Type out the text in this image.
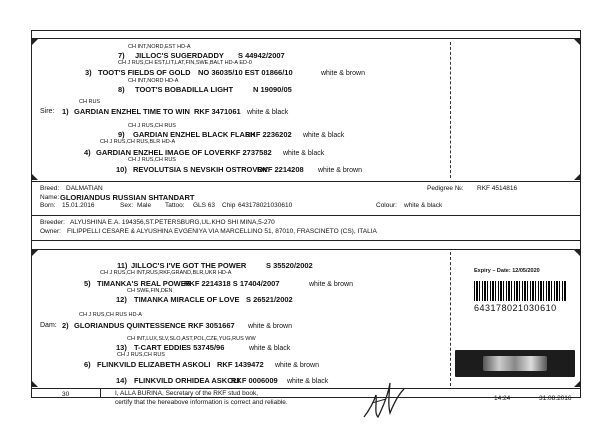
CH INT,NORD,EST HD-A
7) JILLOC'S SUGERDADDY S 44942/2007
CH J RUS,CH EST,LIT,LAT,FIN,SWE,BALT HD-A ED-0
3) TOOT'S FIELDS OF GOLD NO 36035/10 EST 01866/10	white & brown
CH INT,NORD HD-A
8) TOOT'S BOBADILLA LIGHT	N 19090/05
CH RUS
Sire: 1) GARDIAN ENZHEL TIME TO WIN RKF 3471061 white & black
CH J RUS,CH RUS
9) GARDIAN ENZHEL BLACK FLASH
RKF 2236202 white & black
CH J RUS,CH RUS,BLR HD-A
4) GARDIAN ENZHEL IMAGE OF LOVE RKF 2737582 white & black
CH J RUS,CH RUS
10) REVOLUTSIA S NEVSKIH OSTROVOV
RKF 2214208 white & brown
Breed: DALMATIAN	Pedigree №: RKF 4514816
Name: GLORIANDUS RUSSIAN SHTANDART
Born: 15.01.2016	Sex: Male Tattoo: GLS 63 Chip 643178021030610	Colour: white & black
Breeder: ALYUSHINA E.A. 194356,ST.PETERSBURG,UL.KHO SHI MINA,5-270
Owner: FILIPPELLI CESARE & ALYUSHINA EVGENIYA VIA MARCELLINO 51, 87010, FRASCINETO (CS), ITALIA
11) JILLOC'S I'VE GOT THE POWER	S 35520/2002
CH J RUS,CH INT,RUS,RKF,GRAND,BLR,UKR HD-A
5) TIMANKA'S REAL POWER
RKF 2214318 S 17404/2007	white & brown
CH SWE,FIN,DEN
12) TIMANKA MIRACLE OF LOVE S 26521/2002
CH J RUS,CH RUS HD-A
Dam: 2) GLORIANDUS QUINTESSENCE RKF 3051667 white & brown
CH INT,LUX,SLV,SLO,AST,POL,CZE,YUG,RUS WW
13) T-CART EDDIE S 53745/96	white & black
CH J RUS,CH RUS
6) FLINKVILD ELIZABETH ASKOLI RKF 1439472 white & brown
14) FLINKVILD ORHIDEA ASKOLI
RKF 0006009 white & black
Expiry – Date: 12/05/2020
643178021030610
30	I, ALLA BURINA, Secretary of the RKF stud book,
certify that the hereabove information is correct and reliable.
14:24	31.08.2016
